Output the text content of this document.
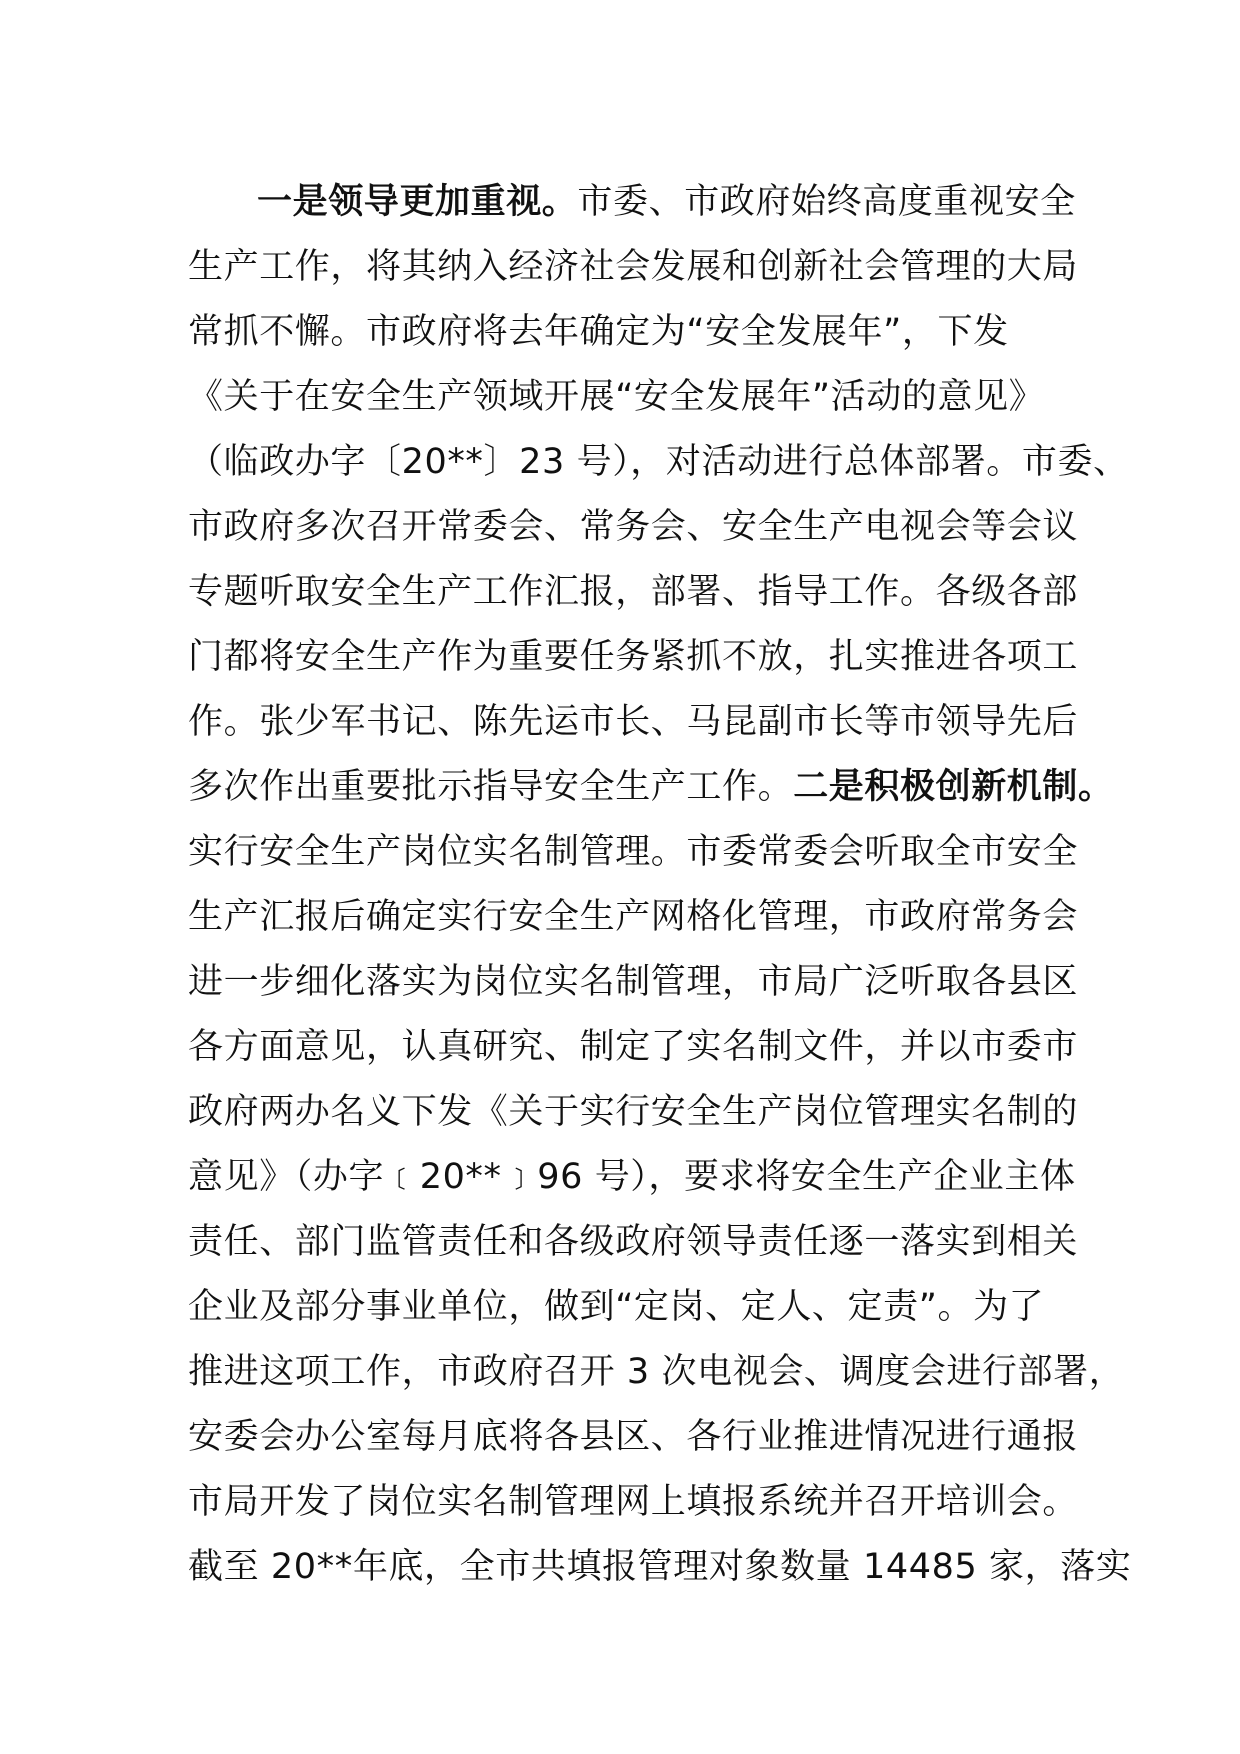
一是领导更加重视。市委、市政府始终高度重视安全
生产工作，将其纳入经济社会发展和创新社会管理的大局
常抓不懈。市政府将去年确定为“安全发展年”，下发
《关于在安全生产领域开展“安全发展年”活动的意见》
（临政办字〔20**〕23 号），对活动进行总体部署。市委、
市政府多次召开常委会、常务会、安全生产电视会等会议
专题听取安全生产工作汇报，部署、指导工作。各级各部
门都将安全生产作为重要任务紧抓不放，扎实推进各项工
作。张少军书记、陈先运市长、马昆副市长等市领导先后
多次作出重要批示指导安全生产工作。二是积极创新机制。
实行安全生产岗位实名制管理。市委常委会听取全市安全
生产汇报后确定实行安全生产网格化管理，市政府常务会
进一步细化落实为岗位实名制管理，市局广泛听取各县区
各方面意见，认真研究、制定了实名制文件，并以市委市
政府两办名义下发《关于实行安全生产岗位管理实名制的
意见》（办字﹝20**﹞96 号），要求将安全生产企业主体
责任、部门监管责任和各级政府领导责任逐一落实到相关
企业及部分事业单位，做到“定岗、定人、定责”。为了
推进这项工作，市政府召开 3 次电视会、调度会进行部署，
安委会办公室每月底将各县区、各行业推进情况进行通报
市局开发了岗位实名制管理网上填报系统并召开培训会。
截至 20**年底，全市共填报管理对象数量 14485 家，落实
